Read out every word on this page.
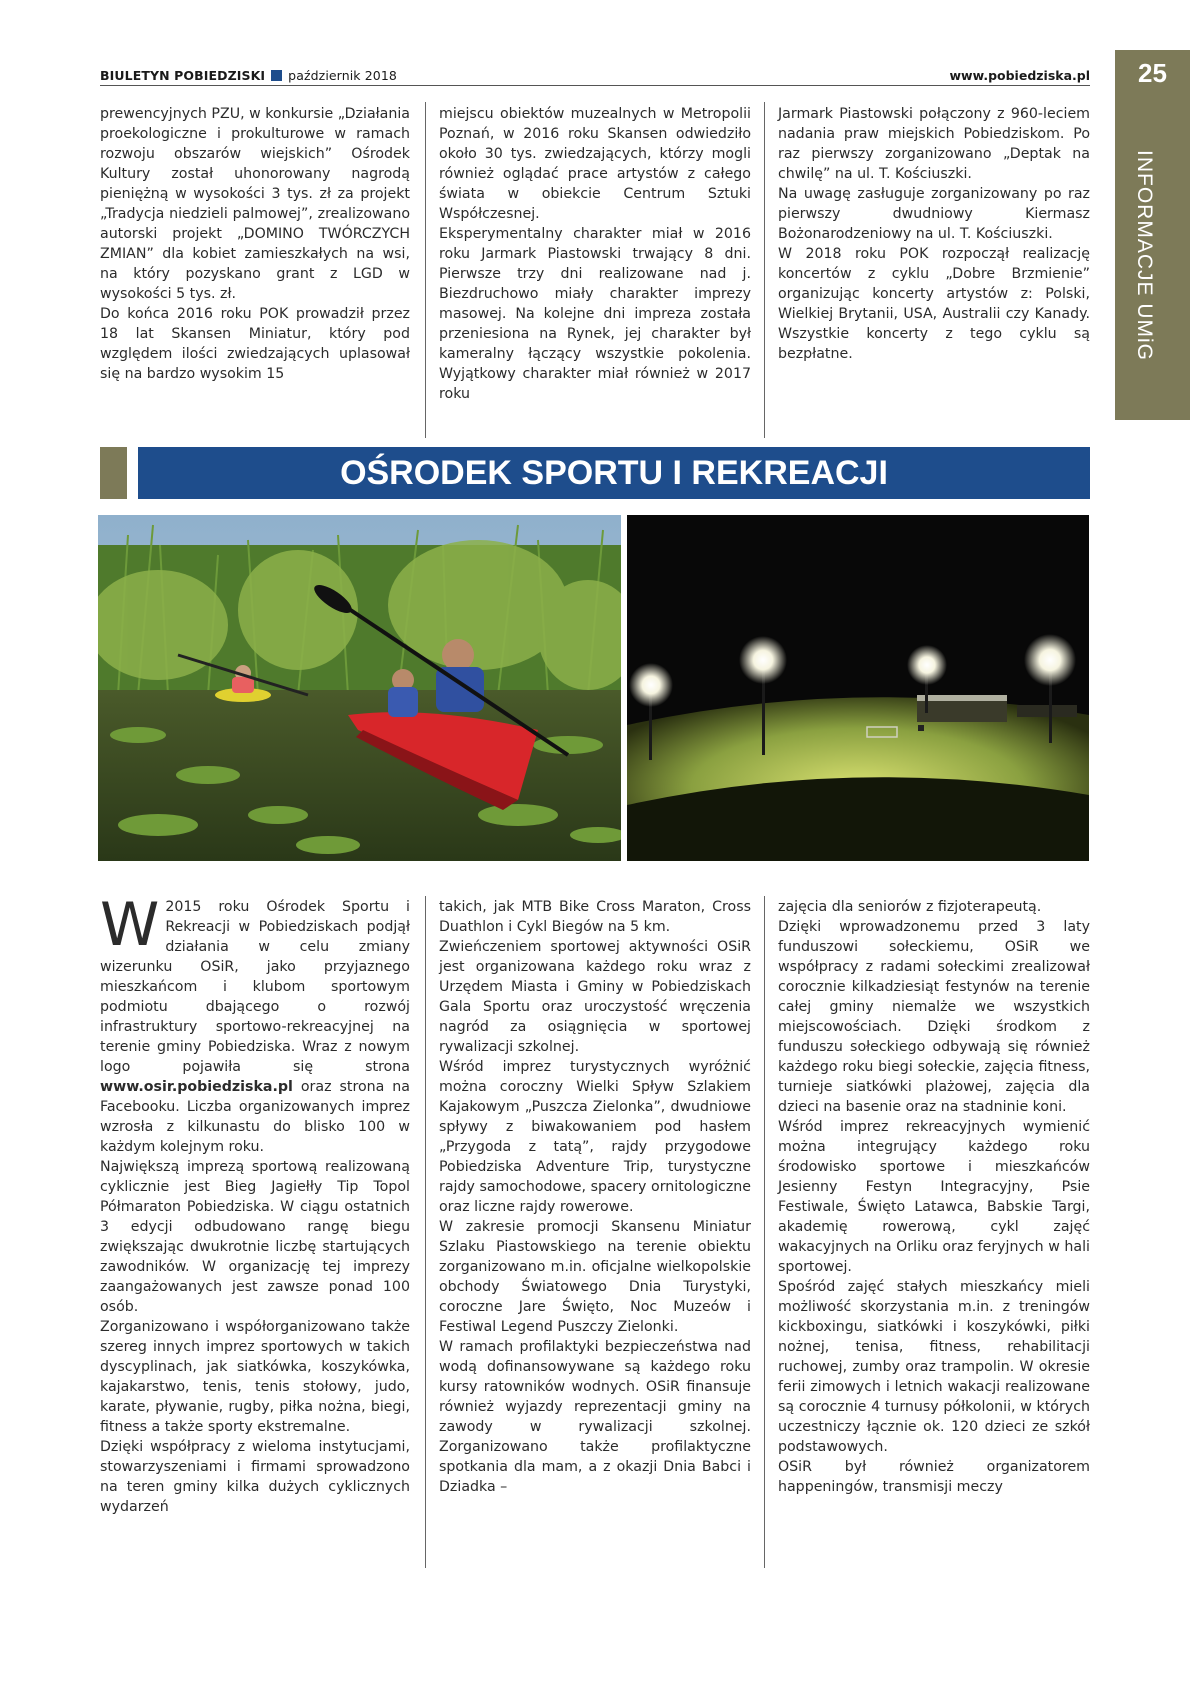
BIULETYN POBIEDZISKI październik 2018	www.pobiedziska.pl	25
INFORMACJE UMiG

prewencyjnych PZU, w konkursie „Działania proekologiczne i prokulturowe w ramach rozwoju obszarów wiejskich” Ośrodek Kultury został uhonorowany nagrodą pieniężną w wysokości 3 tys. zł za projekt „Tradycja niedzieli palmowej”, zrealizowano autorski projekt „DOMINO TWÓRCZYCH ZMIAN” dla kobiet zamieszkałych na wsi, na który pozyskano grant z LGD w wysokości 5 tys. zł.

Do końca 2016 roku POK prowadził przez 18 lat Skansen Miniatur, który pod względem ilości zwiedzających uplasował się na bardzo wysokim 15

miejscu obiektów muzealnych w Metropolii Poznań, w 2016 roku Skansen odwiedziło około 30 tys. zwiedzających, którzy mogli również oglądać prace artystów z całego świata w obiekcie Centrum Sztuki Współczesnej.

Eksperymentalny charakter miał w 2016 roku Jarmark Piastowski trwający 8 dni. Pierwsze trzy dni realizowane nad j. Biezdruchowo miały charakter imprezy masowej. Na kolejne dni impreza została przeniesiona na Rynek, jej charakter był kameralny łączący wszystkie pokolenia. Wyjątkowy charakter miał również w 2017 roku

Jarmark Piastowski połączony z 960-leciem nadania praw miejskich Pobiedziskom. Po raz pierwszy zorganizowano „Deptak na chwilę” na ul. T. Kościuszki.

Na uwagę zasługuje zorganizowany po raz pierwszy dwudniowy Kiermasz Bożonarodzeniowy na ul. T. Kościuszki.

W 2018 roku POK rozpoczął realizację koncertów z cyklu „Dobre Brzmienie” organizując koncerty artystów z: Polski, Wielkiej Brytanii, USA, Australii czy Kanady. Wszystkie koncerty z tego cyklu są bezpłatne.

OŚRODEK SPORTU I REKREACJI

W 2015 roku Ośrodek Sportu i Rekreacji w Pobiedziskach podjął działania w celu zmiany wizerunku OSiR, jako przyjaznego mieszkańcom i klubom sportowym podmiotu dbającego o rozwój infrastruktury sportowo-rekreacyjnej na terenie gminy Pobiedziska. Wraz z nowym logo pojawiła się strona www.osir.pobiedziska.pl oraz strona na Facebooku. Liczba organizowanych imprez wzrosła z kilkunastu do blisko 100 w każdym kolejnym roku.

Największą imprezą sportową realizowaną cyklicznie jest Bieg Jagiełły Tip Topol Półmaraton Pobiedziska. W ciągu ostatnich 3 edycji odbudowano rangę biegu zwiększając dwukrotnie liczbę startujących zawodników. W organizację tej imprezy zaangażowanych jest zawsze ponad 100 osób.

Zorganizowano i współorganizowano także szereg innych imprez sportowych w takich dyscyplinach, jak siatkówka, koszykówka, kajakarstwo, tenis, tenis stołowy, judo, karate, pływanie, rugby, piłka nożna, biegi, fitness a także sporty ekstremalne.

Dzięki współpracy z wieloma instytucjami, stowarzyszeniami i firmami sprowadzono na teren gminy kilka dużych cyklicznych wydarzeń

takich, jak MTB Bike Cross Maraton, Cross Duathlon i Cykl Biegów na 5 km.

Zwieńczeniem sportowej aktywności OSiR jest organizowana każdego roku wraz z Urzędem Miasta i Gminy w Pobiedziskach Gala Sportu oraz uroczystość wręczenia nagród za osiągnięcia w sportowej rywalizacji szkolnej.

Wśród imprez turystycznych wyróżnić można coroczny Wielki Spływ Szlakiem Kajakowym „Puszcza Zielonka”, dwudniowe spływy z biwakowaniem pod hasłem „Przygoda z tatą”, rajdy przygodowe Pobiedziska Adventure Trip, turystyczne rajdy samochodowe, spacery ornitologiczne oraz liczne rajdy rowerowe.

W zakresie promocji Skansenu Miniatur Szlaku Piastowskiego na terenie obiektu zorganizowano m.in. oficjalne wielkopolskie obchody Światowego Dnia Turystyki, coroczne Jare Święto, Noc Muzeów i Festiwal Legend Puszczy Zielonki.

W ramach profilaktyki bezpieczeństwa nad wodą dofinansowywane są każdego roku kursy ratowników wodnych. OSiR finansuje również wyjazdy reprezentacji gminy na zawody w rywalizacji szkolnej. Zorganizowano także profilaktyczne spotkania dla mam, a z okazji Dnia Babci i Dziadka –

zajęcia dla seniorów z fizjoterapeutą.

Dzięki wprowadzonemu przed 3 laty funduszowi sołeckiemu, OSiR we współpracy z radami sołeckimi zrealizował corocznie kilkadziesiąt festynów na terenie całej gminy niemalże we wszystkich miejscowościach. Dzięki środkom z funduszu sołeckiego odbywają się również każdego roku biegi sołeckie, zajęcia fitness, turnieje siatkówki plażowej, zajęcia dla dzieci na basenie oraz na stadninie koni.

Wśród imprez rekreacyjnych wymienić można integrujący każdego roku środowisko sportowe i mieszkańców Jesienny Festyn Integracyjny, Psie Festiwale, Święto Latawca, Babskie Targi, akademię rowerową, cykl zajęć wakacyjnych na Orliku oraz feryjnych w hali sportowej.

Spośród zajęć stałych mieszkańcy mieli możliwość skorzystania m.in. z treningów kickboxingu, siatkówki i koszykówki, piłki nożnej, tenisa, fitness, rehabilitacji ruchowej, zumby oraz trampolin. W okresie ferii zimowych i letnich wakacji realizowane są corocznie 4 turnusy półkolonii, w których uczestniczy łącznie ok. 120 dzieci ze szkół podstawowych.

OSiR był również organizatorem happeningów, transmisji meczy
